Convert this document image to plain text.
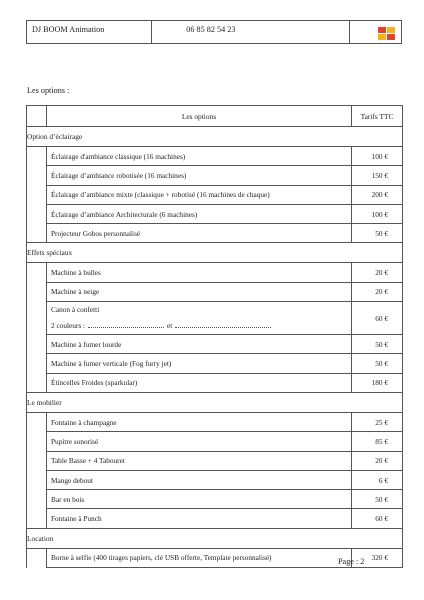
DJ BOOM Animation	06 85 82 54 23
Les options :
	Les options	Tarifs TTC
Option d’éclairage		
	Éclairage d'ambiance classique (16 machines)	100 €
	Éclairage d’ambiance robotisée (16 machines)	150 €
	Éclairage d’ambiance mixte (classique + robotisé (16 machines de chaque)	200 €
	Éclairage d’ambiance Architecturale (6 machines)	100 €
	Projecteur Gobos personnalisé	50 €
Effets spéciaux		
	Machine à bulles	20 €
	Machine à neige	20 €

	Canon à confetti
2 couleurs : et	60 €
	Machine à fumer lourde	50 €
	Machine à fumer verticale (Fog furry jet)	50 €
	Étincelles Froides (sparkular)	180 €
Le mobilier		
	Fontaine à champagne	25 €
	Pupitre sonorisé	85 €
	Table Basse + 4 Tabouret	20 €
	Mange debout	6 €
	Bar en bois	50 €
	Fontaine à Punch	60 €
Location		
	Borne à selfie (400 tirages papiers, clé USB offerte, Template personnalisé)	320 €
Page : 2
